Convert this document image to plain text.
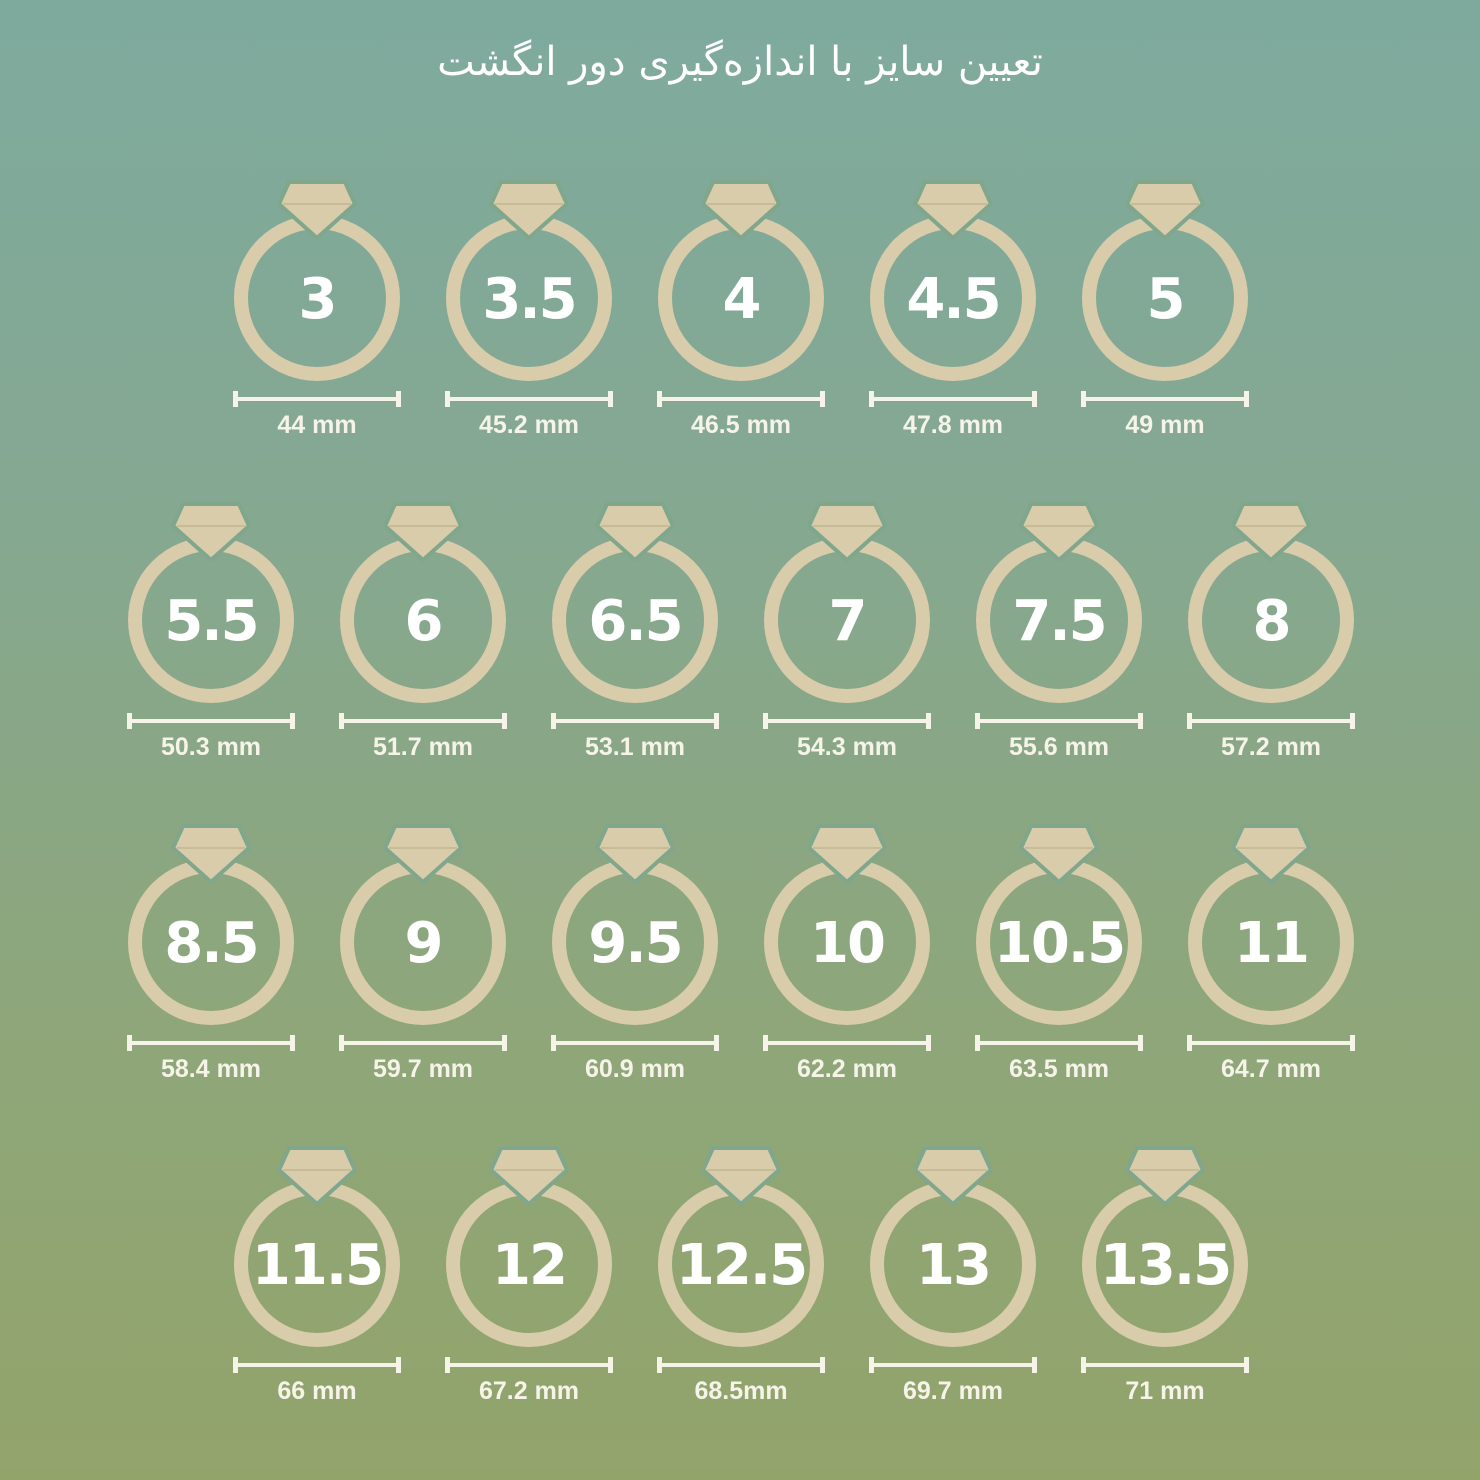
تعیین سایز با اندازه‌گیری دور انگشت
3
44 mm
3.5
45.2 mm
4
46.5 mm
4.5
47.8 mm
5
49 mm
5.5
50.3 mm
6
51.7 mm
6.5
53.1 mm
7
54.3 mm
7.5
55.6 mm
8
57.2 mm
8.5
58.4 mm
9
59.7 mm
9.5
60.9 mm
10
62.2 mm
10.5
63.5 mm
11
64.7 mm
11.5
66 mm
12
67.2 mm
12.5
68.5mm
13
69.7 mm
13.5
71 mm
